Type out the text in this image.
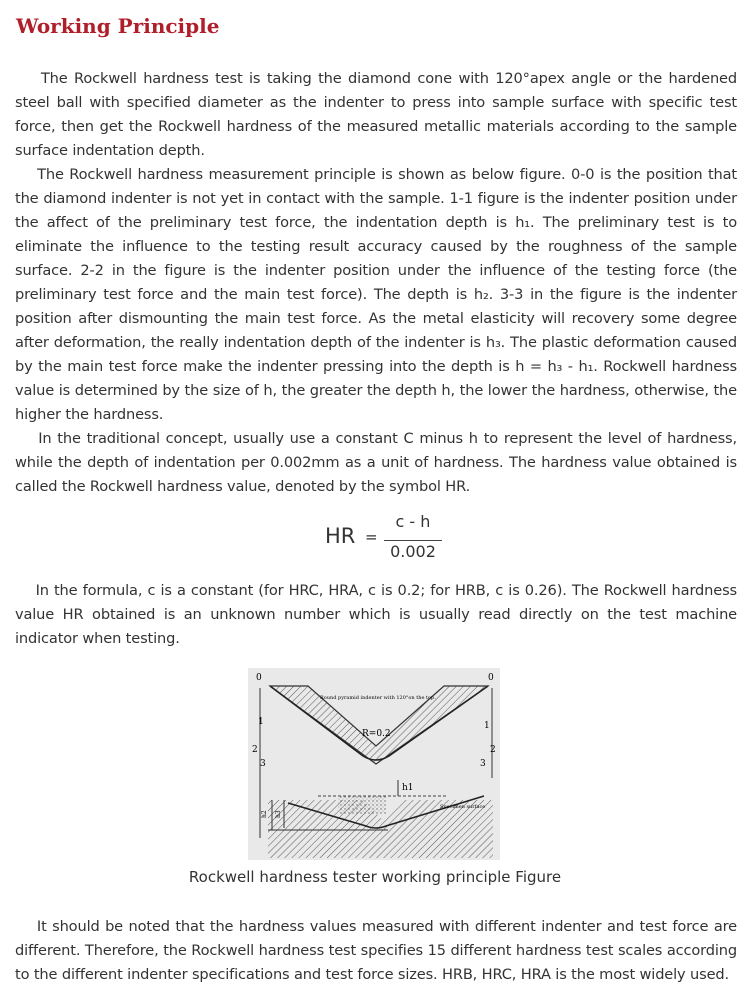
Working Principle

The Rockwell hardness test is taking the diamond cone with 120°apex angle or the hardened steel ball with specified diameter as the indenter to press into sample surface with specific test force, then get the Rockwell hardness of the measured metallic materials according to the sample surface indentation depth.

The Rockwell hardness measurement principle is shown as below figure. 0-0 is the position that the diamond indenter is not yet in contact with the sample. 1-1 figure is the indenter position under the affect of the preliminary test force, the indentation depth is h₁. The preliminary test is to eliminate the influence to the testing result accuracy caused by the roughness of the sample surface. 2-2 in the figure is the indenter position under the influence of the testing force (the preliminary test force and the main test force). The depth is h₂. 3-3 in the figure is the indenter position after dismounting the main test force. As the metal elasticity will recovery some degree after deformation, the really indentation depth of the indenter is h₃. The plastic deformation caused by the main test force make the indenter pressing into the depth is h = h₃ - h₁. Rockwell hardness value is determined by the size of h, the greater the depth h, the lower the hardness, otherwise, the higher the hardness.

In the traditional concept, usually use a constant C minus h to represent the level of hardness, while the depth of indentation per 0.002mm as a unit of hardness. The hardness value obtained is called the Rockwell hardness value, denoted by the symbol HR.

HR =
c - h
0.002

In the formula, c is a constant (for HRC, HRA, c is 0.2; for HRB, c is 0.26). The Rockwell hardness value HR obtained is an unknown number which is usually read directly on the test machine indicator when testing.

0	0
1	1
2	2
3	3
Round pyramid indenter with 120°on the top.
R=0.2
h1
h2 h3
Specimen surface

Rockwell hardness tester working principle Figure

It should be noted that the hardness values measured with different indenter and test force are different. Therefore, the Rockwell hardness test specifies 15 different hardness test scales according to the different indenter specifications and test force sizes. HRB, HRC, HRA is the most widely used.
